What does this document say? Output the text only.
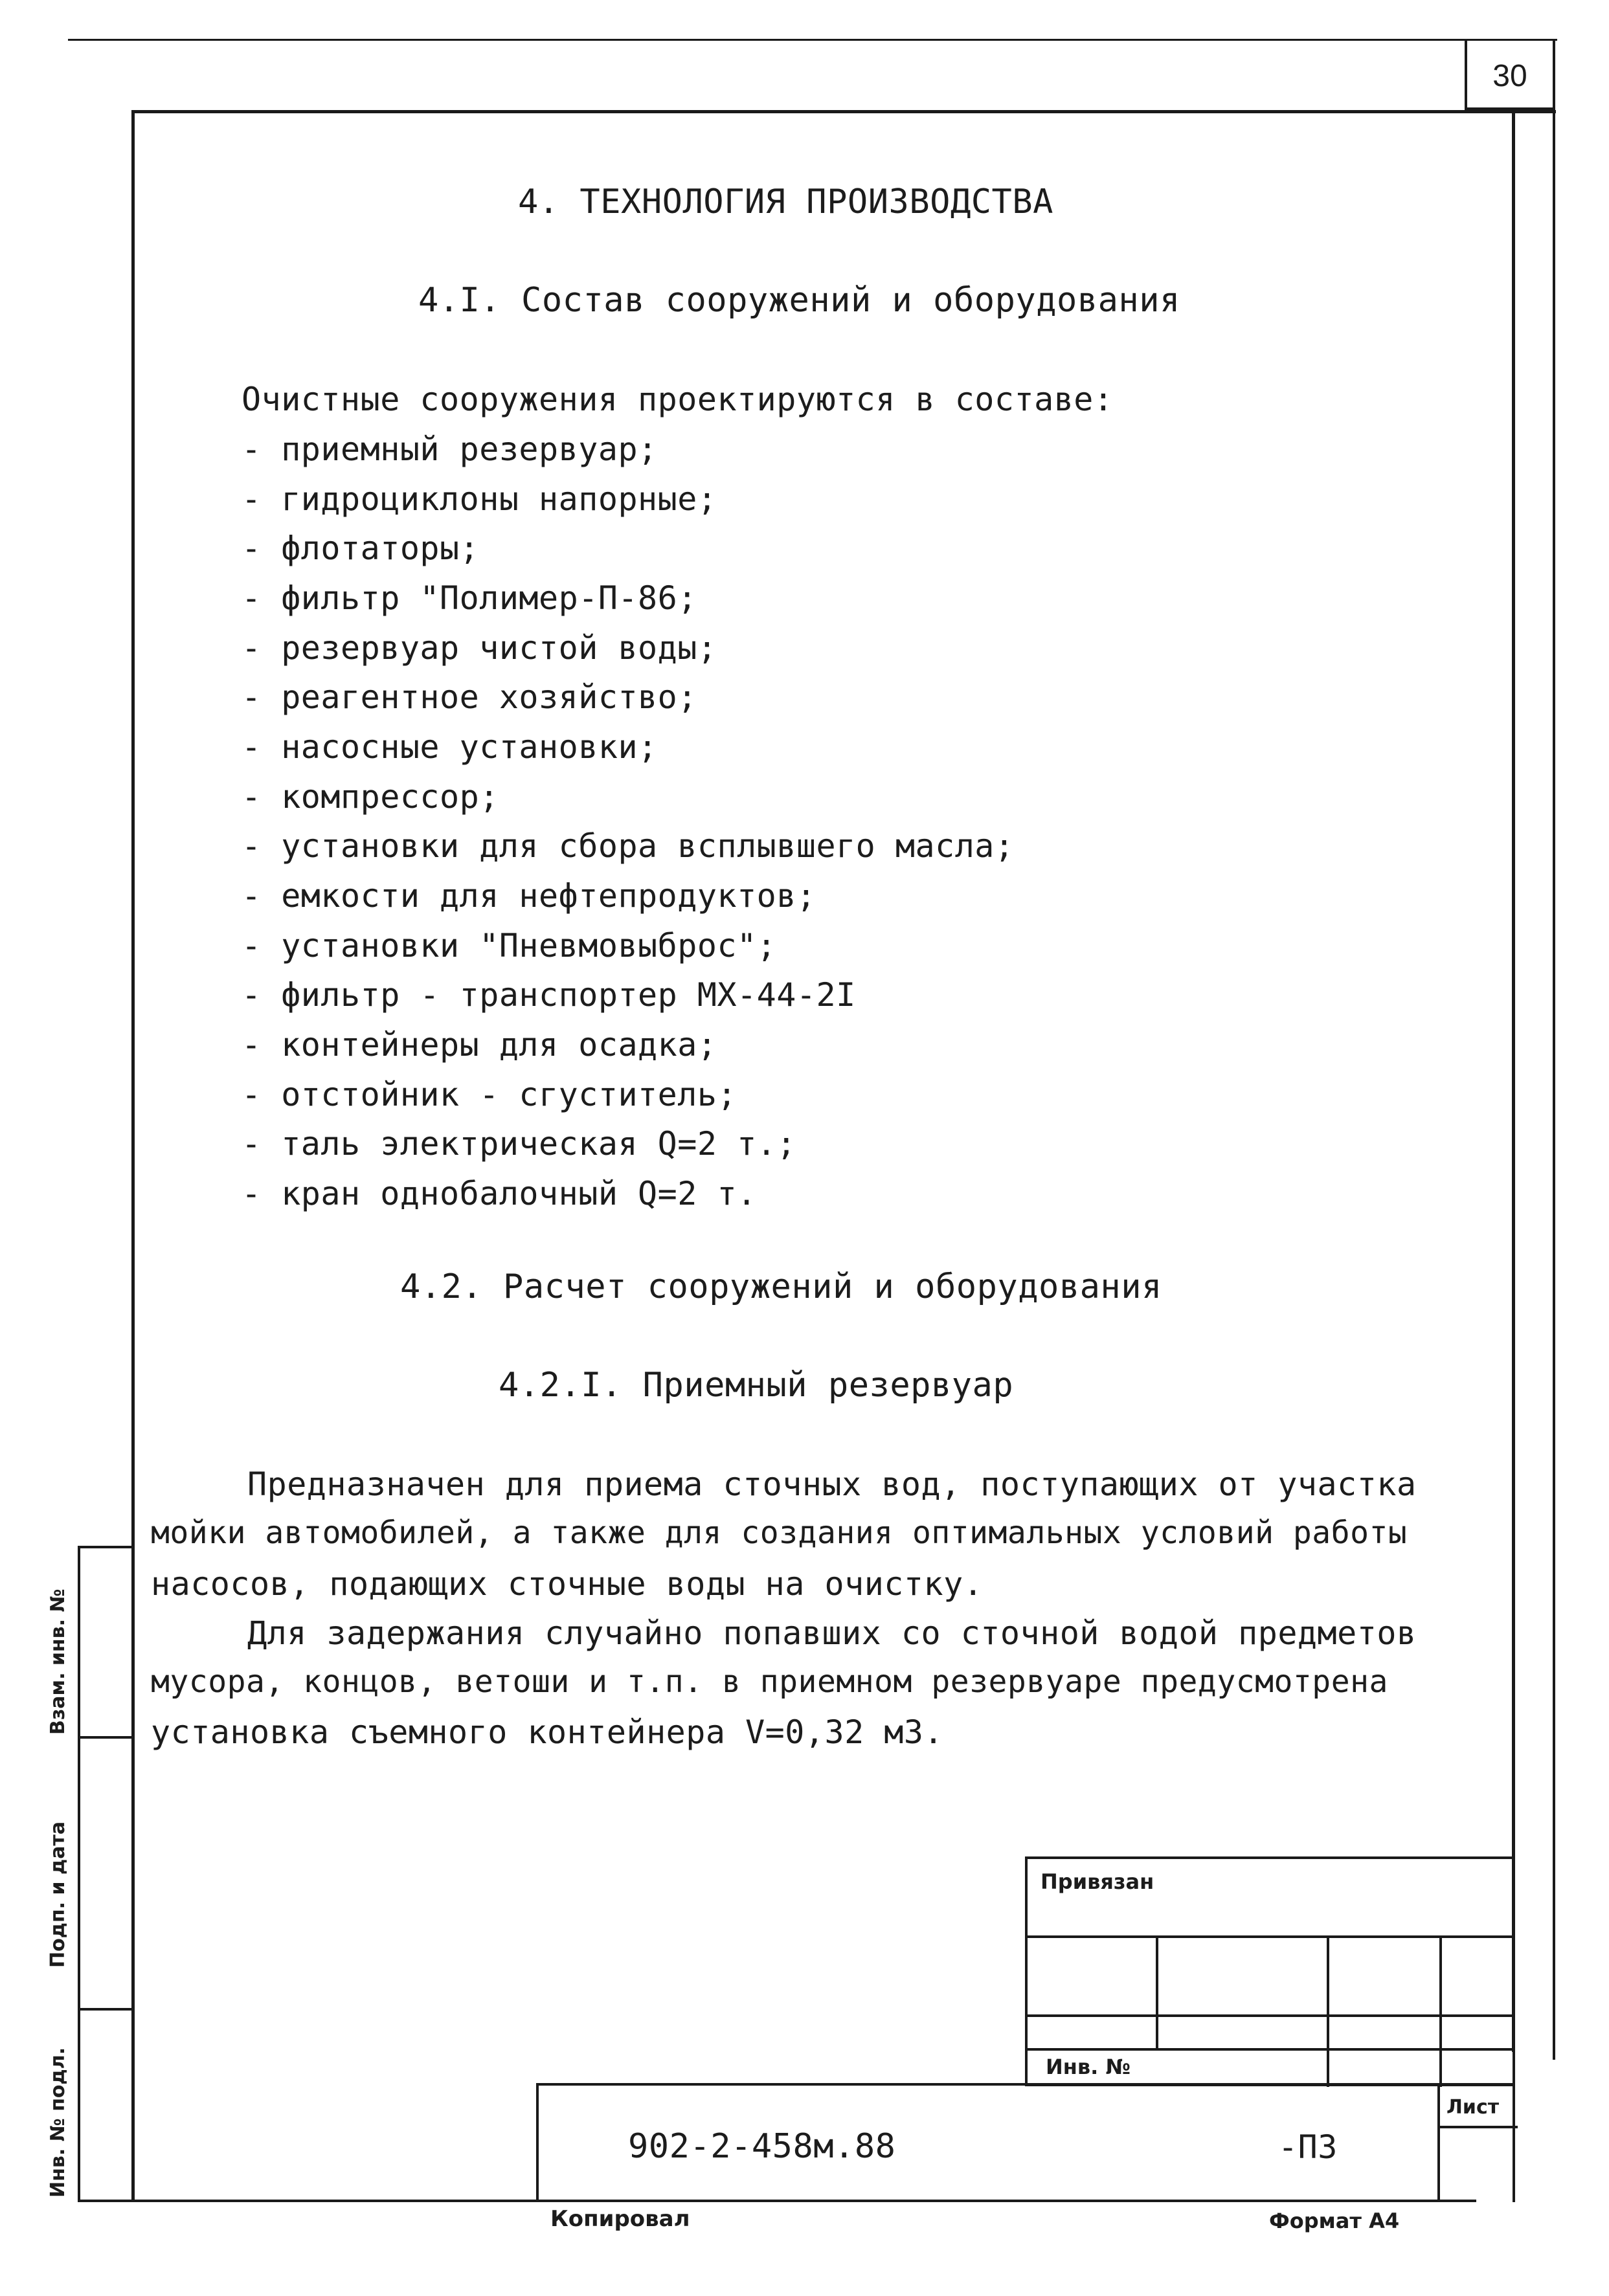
30
Взам. инв. №
Подп. и дата
Инв. № подл.
4. ТЕХНОЛОГИЯ ПРОИЗВОДСТВА
4.I. Состав сооружений и оборудования
Очистные сооружения проектируются в составе:
- приемный резервуар;
- гидроциклоны напорные;
- флотаторы;
- фильтр "Полимер-П-86;
- резервуар чистой воды;
- реагентное хозяйство;
- насосные установки;
- компрессор;
- установки для сбора всплывшего масла;
- емкости для нефтепродуктов;
- установки "Пневмовыброс";
- фильтр - транспортер МХ-44-2I
- контейнеры для осадка;
- отстойник - сгуститель;
- таль электрическая Q=2 т.;
- кран однобалочный Q=2 т.
4.2. Расчет сооружений и оборудования
4.2.I. Приемный резервуар
Предназначен для приема сточных вод, поступающих от участка
мойки автомобилей, а также для создания оптимальных условий работы
насосов, подающих сточные воды на очистку.
Для задержания случайно попавших со сточной водой предметов
мусора, концов, ветоши и т.п. в приемном резервуаре предусмотрена
установка съемного контейнера V=0,32 м3.
Привязан
Инв. №
902-2-458м.88	-ПЗ
Лист
Копировал	Формат А4
